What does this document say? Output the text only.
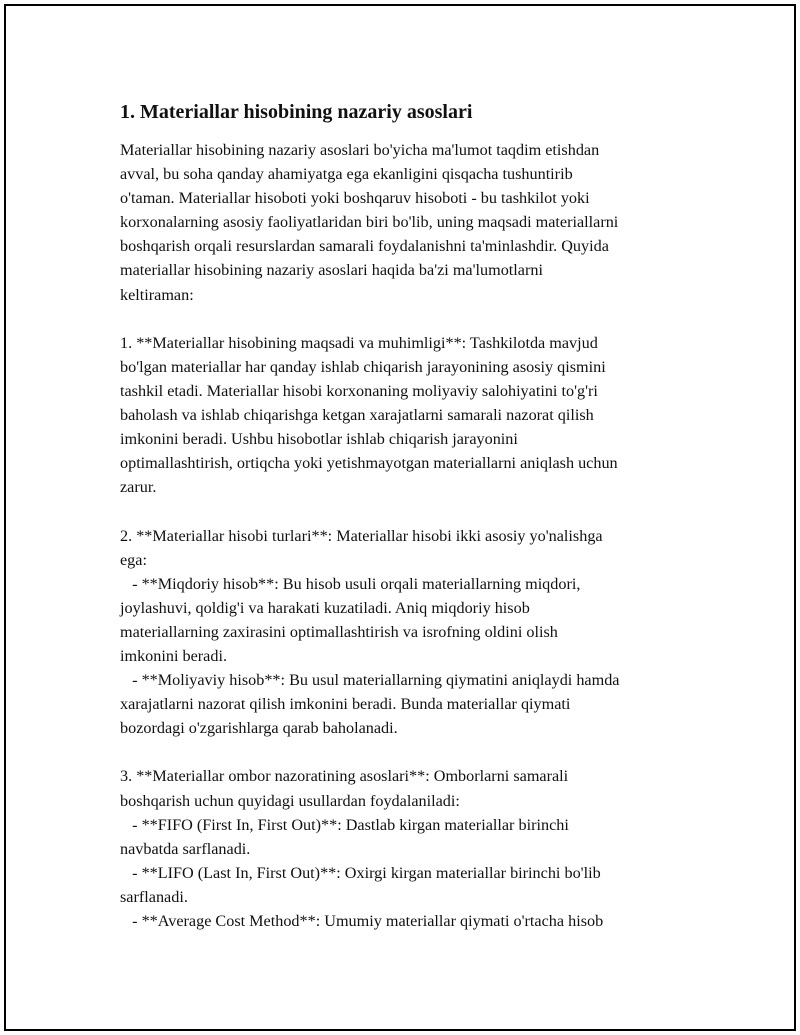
1. Materiallar hisobining nazariy asoslari
Materiallar hisobining nazariy asoslari bo'yicha ma'lumot taqdim etishdan
avval, bu soha qanday ahamiyatga ega ekanligini qisqacha tushuntirib
o'taman. Materiallar hisoboti yoki boshqaruv hisoboti - bu tashkilot yoki
korxonalarning asosiy faoliyatlaridan biri bo'lib, uning maqsadi materiallarni
boshqarish orqali resurslardan samarali foydalanishni ta'minlashdir. Quyida
materiallar hisobining nazariy asoslari haqida ba'zi ma'lumotlarni
keltiraman:
1. **Materiallar hisobining maqsadi va muhimligi**: Tashkilotda mavjud
bo'lgan materiallar har qanday ishlab chiqarish jarayonining asosiy qismini
tashkil etadi. Materiallar hisobi korxonaning moliyaviy salohiyatini to'g'ri
baholash va ishlab chiqarishga ketgan xarajatlarni samarali nazorat qilish
imkonini beradi. Ushbu hisobotlar ishlab chiqarish jarayonini
optimallashtirish, ortiqcha yoki yetishmayotgan materiallarni aniqlash uchun
zarur.
2. **Materiallar hisobi turlari**: Materiallar hisobi ikki asosiy yo'nalishga
ega:
- **Miqdoriy hisob**: Bu hisob usuli orqali materiallarning miqdori,
joylashuvi, qoldig'i va harakati kuzatiladi. Aniq miqdoriy hisob
materiallarning zaxirasini optimallashtirish va isrofning oldini olish
imkonini beradi.
- **Moliyaviy hisob**: Bu usul materiallarning qiymatini aniqlaydi hamda
xarajatlarni nazorat qilish imkonini beradi. Bunda materiallar qiymati
bozordagi o'zgarishlarga qarab baholanadi.
3. **Materiallar ombor nazoratining asoslari**: Omborlarni samarali
boshqarish uchun quyidagi usullardan foydalaniladi:
- **FIFO (First In, First Out)**: Dastlab kirgan materiallar birinchi
navbatda sarflanadi.
- **LIFO (Last In, First Out)**: Oxirgi kirgan materiallar birinchi bo'lib
sarflanadi.
- **Average Cost Method**: Umumiy materiallar qiymati o'rtacha hisob
